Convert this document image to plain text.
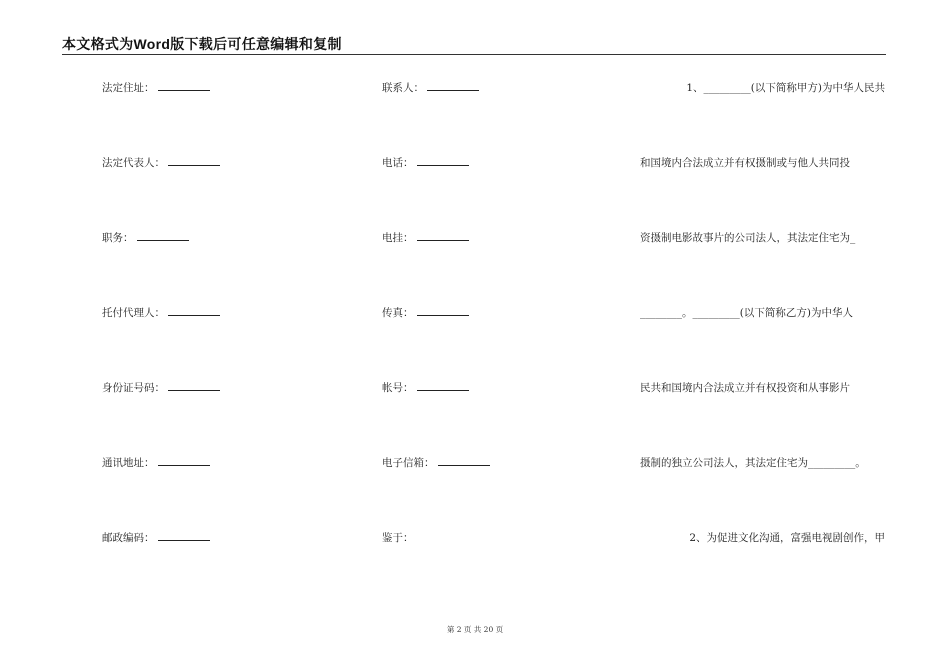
本文格式为Word版下载后可任意编辑和复制
法定住址：	联系人：	1、_________(以下简称甲方)为中华人民共
法定代表人：	电话：	和国境内合法成立并有权摄制或与他人共同投
职务：	电挂：	资摄制电影故事片的公司法人，其法定住宅为_
托付代理人：	传真：	________。_________(以下简称乙方)为中华人
身份证号码：	帐号：	民共和国境内合法成立并有权投资和从事影片
通讯地址：	电子信箱：	摄制的独立公司法人，其法定住宅为_________。
邮政编码：	鉴于：	2、为促进文化沟通，富强电视剧创作，甲
第 2 页 共 20 页
